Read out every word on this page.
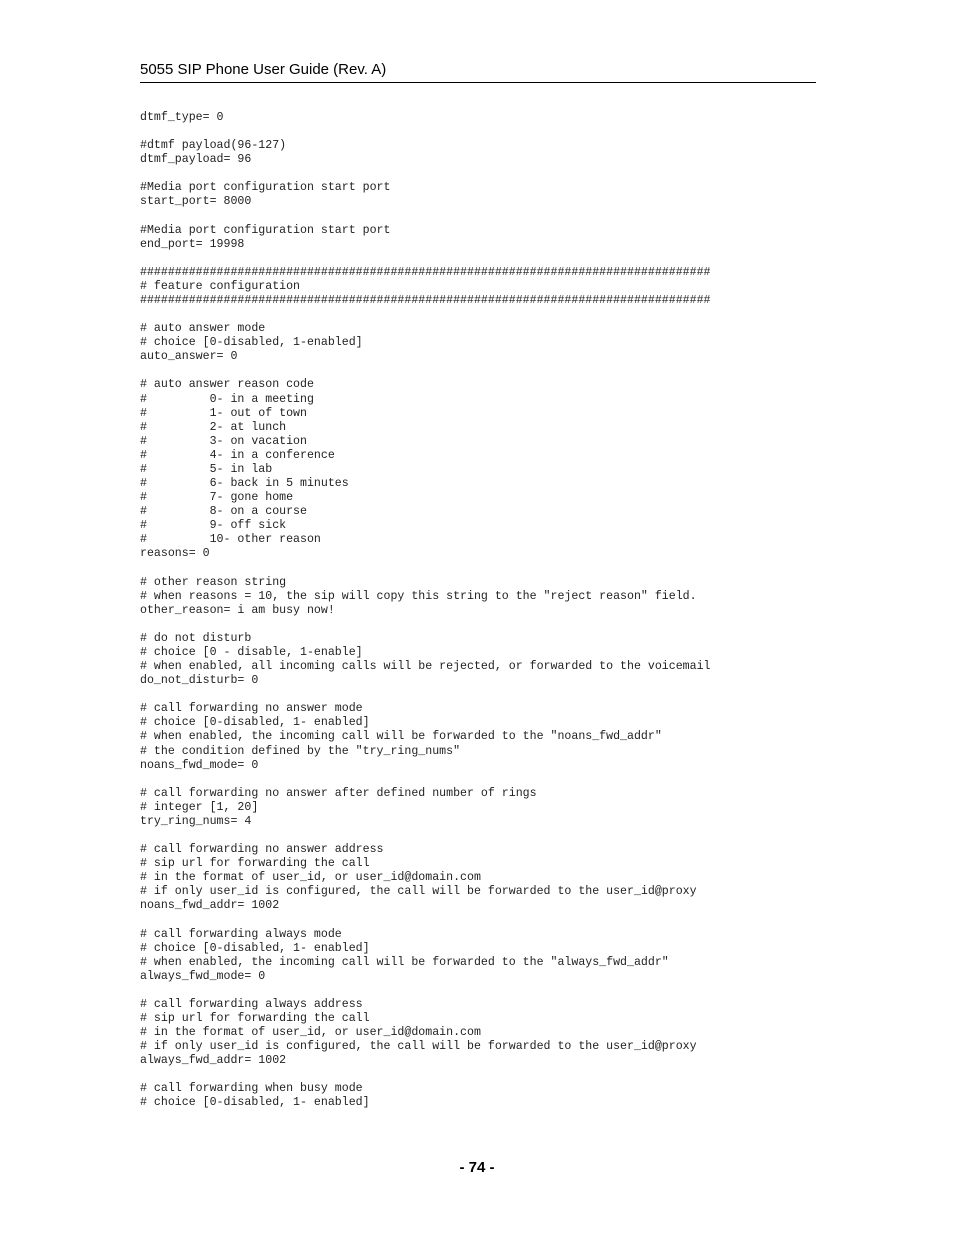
5055 SIP Phone User Guide (Rev. A)
dtmf_type= 0
#dtmf payload(96-127)
dtmf_payload= 96
#Media port configuration start port
start_port= 8000
#Media port configuration start port
end_port= 19998
##################################################################################
# feature configuration
##################################################################################
# auto answer mode
# choice [0-disabled, 1-enabled]
auto_answer= 0
# auto answer reason code
#         0- in a meeting
#         1- out of town
#         2- at lunch
#         3- on vacation
#         4- in a conference
#         5- in lab
#         6- back in 5 minutes
#         7- gone home
#         8- on a course
#         9- off sick
#         10- other reason
reasons= 0
# other reason string
# when reasons = 10, the sip will copy this string to the "reject reason" field.
other_reason= i am busy now!
# do not disturb
# choice [0 - disable, 1-enable]
# when enabled, all incoming calls will be rejected, or forwarded to the voicemail
do_not_disturb= 0
# call forwarding no answer mode
# choice [0-disabled, 1- enabled]
# when enabled, the incoming call will be forwarded to the "noans_fwd_addr"
# the condition defined by the "try_ring_nums"
noans_fwd_mode= 0
# call forwarding no answer after defined number of rings
# integer [1, 20]
try_ring_nums= 4
# call forwarding no answer address
# sip url for forwarding the call
# in the format of user_id, or user_id@domain.com
# if only user_id is configured, the call will be forwarded to the user_id@proxy
noans_fwd_addr= 1002
# call forwarding always mode
# choice [0-disabled, 1- enabled]
# when enabled, the incoming call will be forwarded to the "always_fwd_addr"
always_fwd_mode= 0
# call forwarding always address
# sip url for forwarding the call
# in the format of user_id, or user_id@domain.com
# if only user_id is configured, the call will be forwarded to the user_id@proxy
always_fwd_addr= 1002
# call forwarding when busy mode
# choice [0-disabled, 1- enabled]
- 74 -
